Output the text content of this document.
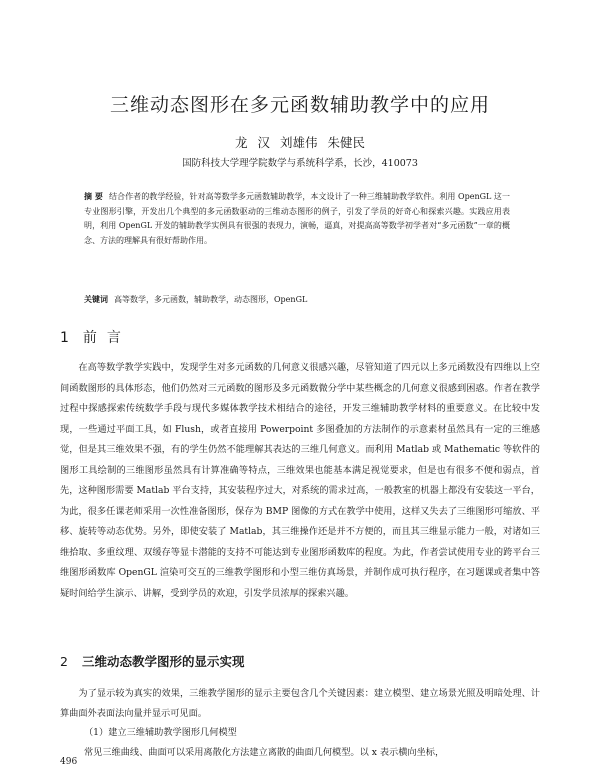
三维动态图形在多元函数辅助教学中的应用
龙 汉 刘雄伟 朱健民
国防科技大学理学院数学与系统科学系，长沙，410073
摘 要 结合作者的教学经验，针对高等数学多元函数辅助教学，本文设计了一种三维辅助教学软件。利用 OpenGL 这一专业图形引擎，开发出几个典型的多元函数驱动的三维动态图形的例子，引发了学员的好奇心和探索兴趣。实践应用表明，利用 OpenGL 开发的辅助教学实例具有很强的表现力，演畅，逼真，对提高高等数学初学者对“多元函数”一章的概念、方法的理解具有很好帮助作用。
关键词 高等数学，多元函数，辅助教学，动态图形，OpenGL
1 前言
在高等数学教学实践中，发现学生对多元函数的几何意义很感兴趣，尽管知道了四元以上多元函数没有四维以上空间函数图形的具体形态，他们仍然对三元函数的图形及多元函数微分学中某些概念的几何意义很感到困惑。作者在教学过程中探感探索传统数学手段与现代多媒体教学技术相结合的途径，开发三维辅助教学材料的重要意义。在比较中发现，一些通过平面工具，如 Flush，或者直接用 Powerpoint 多图叠加的方法制作的示意素材虽然具有一定的三维感觉，但是其三维效果不强，有的学生仍然不能理解其表达的三维几何意义。而利用 Matlab 或 Mathematic 等软件的图形工具绘制的三维图形虽然具有计算准确等特点，三维效果也能基本满足视觉要求，但是也有很多不便和弱点，首先，这种图形需要 Matlab 平台支持，其安装程序过大，对系统的需求过高，一般教室的机器上都没有安装这一平台，为此，很多任课老师采用一次性准备图形，保存为 BMP 图像的方式在教学中使用，这样又失去了三维图形可缩放、平移、旋转等动态优势。另外，即使安装了 Matlab，其三维操作还是并不方便的，而且其三维显示能力一般，对诸如三维拾取、多重纹理、双缓存等显卡潜能的支持不可能达到专业图形函数库的程度。为此，作者尝试使用专业的跨平台三维图形函数库 OpenGL 渲染可交互的三维教学图形和小型三维仿真场景，并制作成可执行程序，在习题课或者集中答疑时间给学生演示、讲解，受到学员的欢迎，引发学员浓厚的探索兴趣。
2 三维动态教学图形的显示实现
为了显示较为真实的效果，三维教学图形的显示主要包含几个关键因素：建立模型、建立场景光照及明暗处理、计算曲面外表面法向量并显示可见面。
（1）建立三维辅助教学图形几何模型
常见三维曲线、曲面可以采用离散化方法建立离散的曲面几何模型。以 x 表示横向坐标，
496
